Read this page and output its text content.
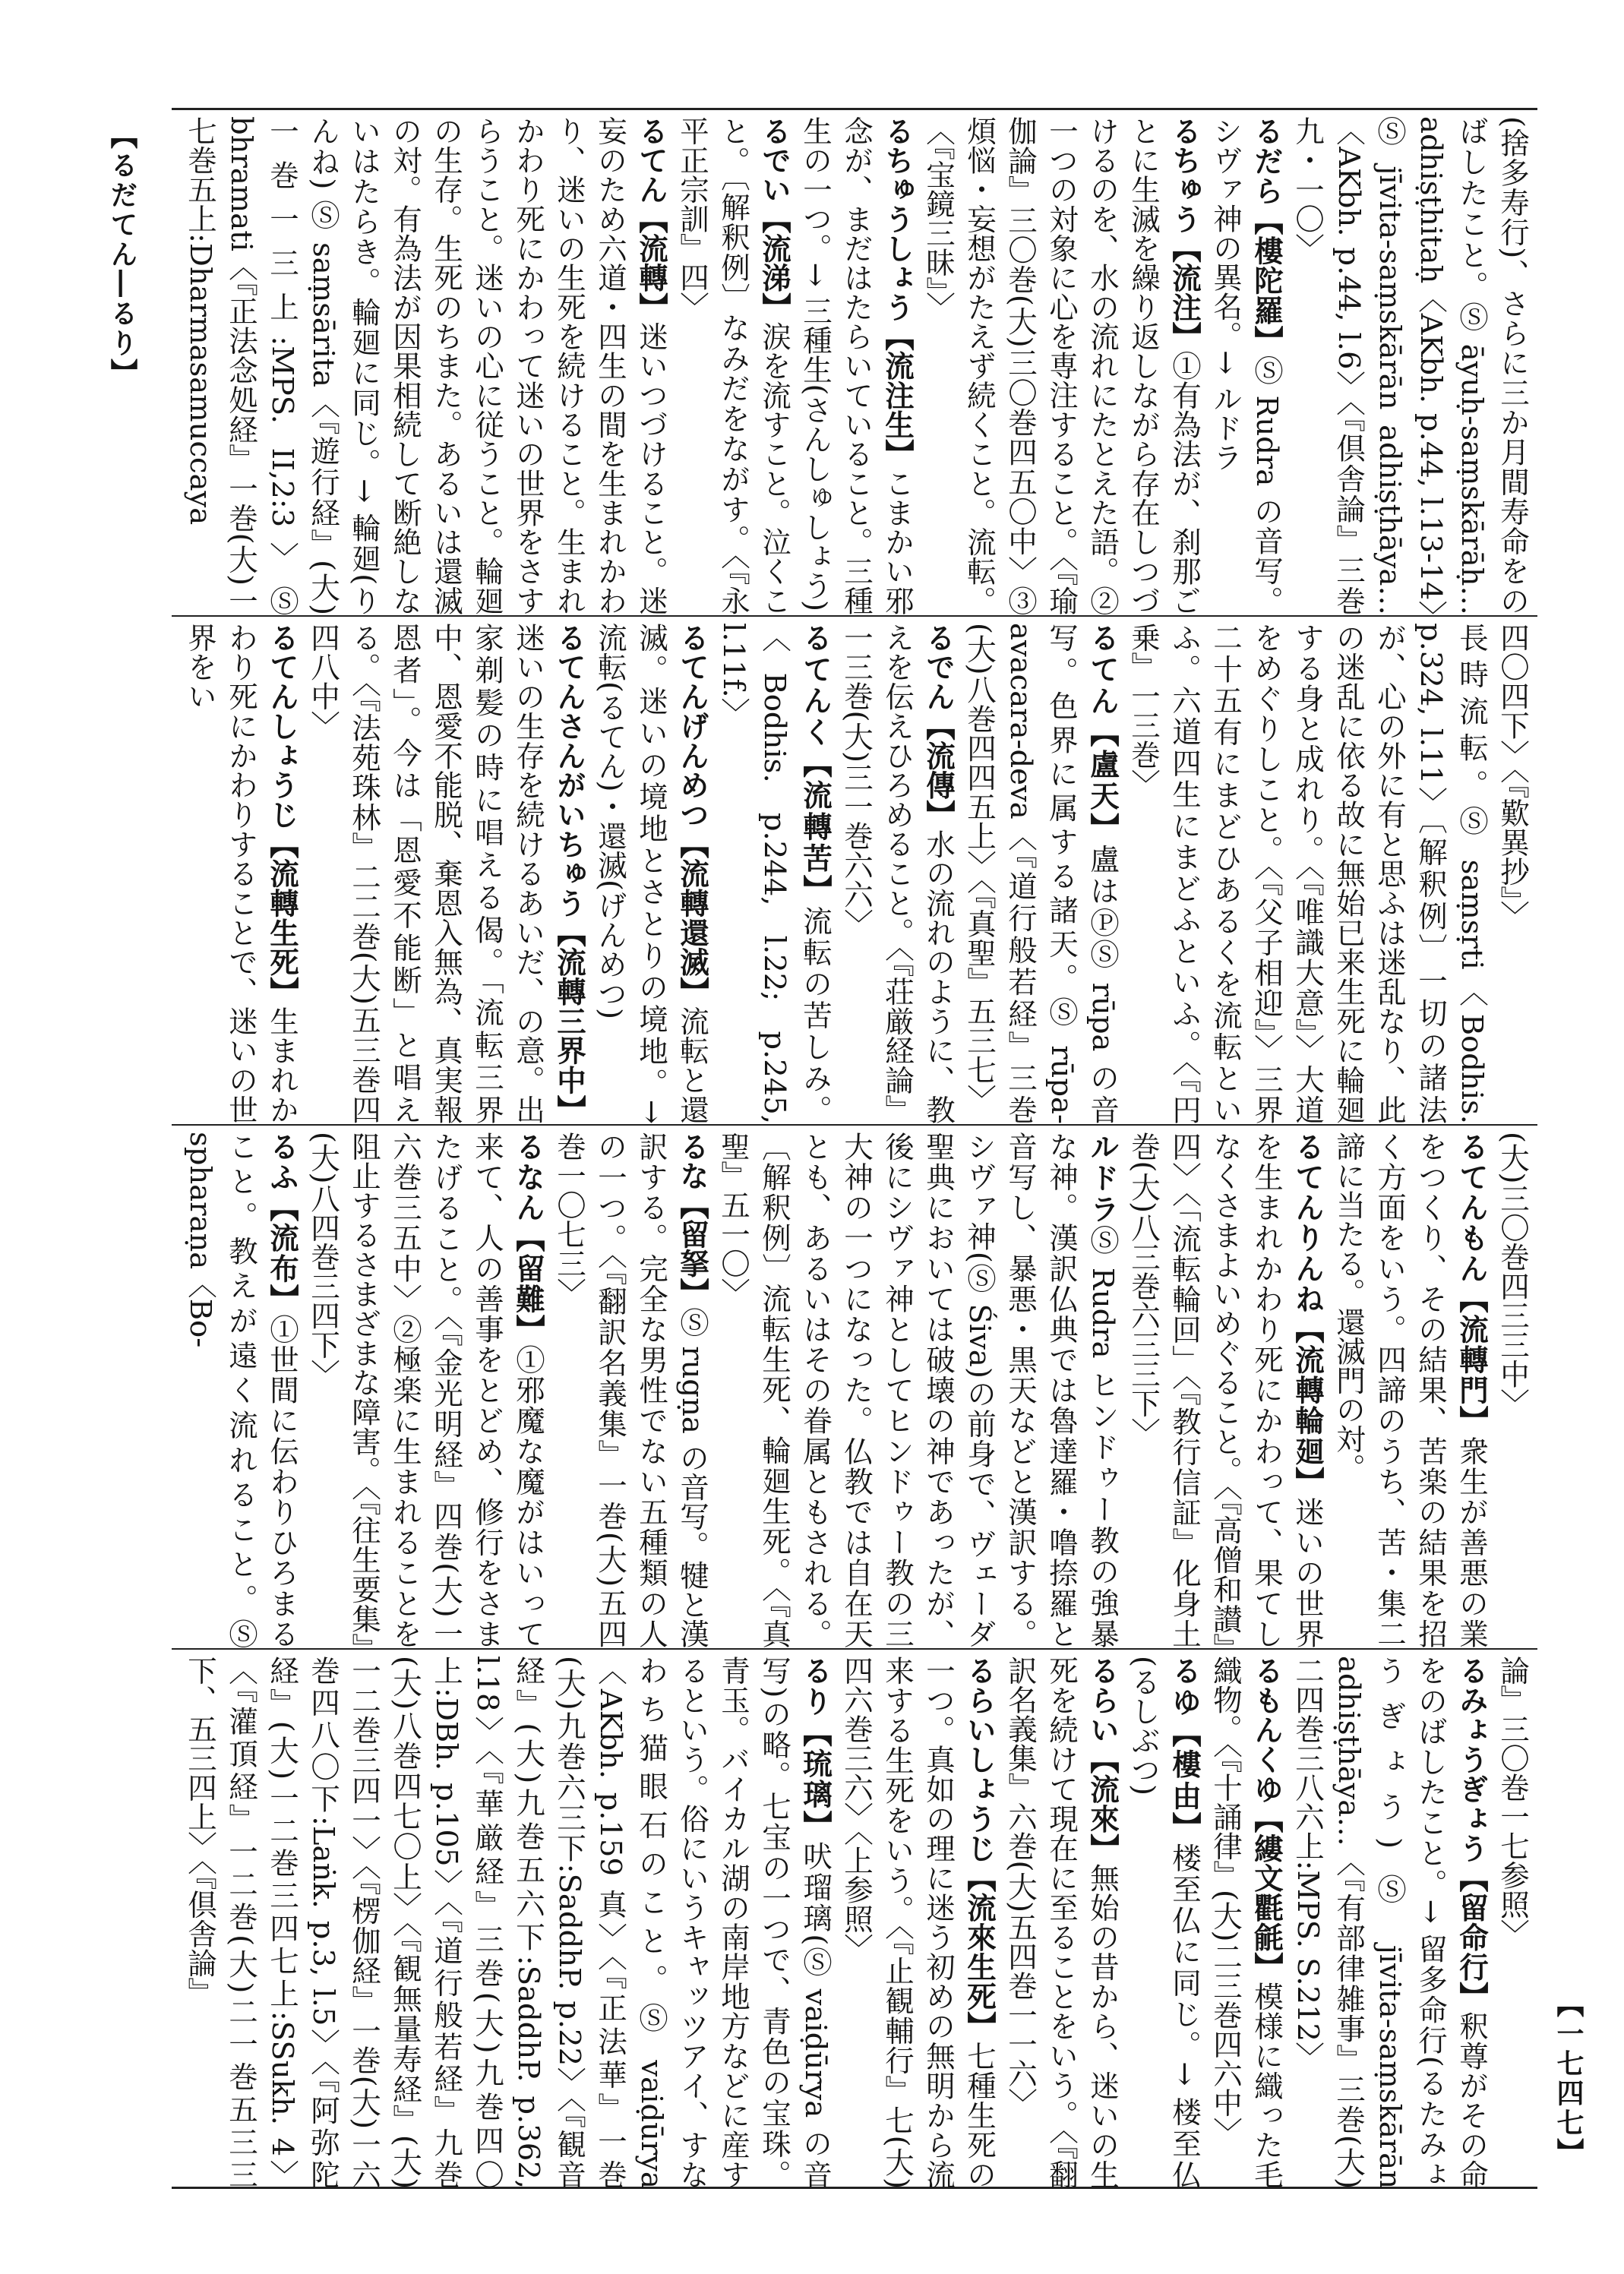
【るだてん―るり】
【一七四七】
(捨多寿行)、さらに三か月間寿命をのばしたこと。Ⓢ āyuḥ-saṃskārāḥ…adhiṣṭhitaḥ〈AKbh. p.44, l.13-14〉Ⓢ jīvita-saṃskārān adhiṣṭhāya…〈AKbh. p.44, l.6〉〈『倶舎論』三巻九・一〇〉
るだら【樓陀羅】Ⓢ Rudra の音写。シヴァ神の異名。→ ルドラ
るちゅう【流注】①有為法が、刹那ごとに生滅を繰り返しながら存在しつづけるのを、水の流れにたとえた語。②一つの対象に心を専注すること。〈『瑜伽論』三〇巻(大)三〇巻四五〇中〉③煩悩・妄想がたえず続くこと。流転。〈『宝鏡三昧』〉
るちゅうしょう【流注生】こまかい邪念が、まだはたらいていること。三種生の一つ。→ 三種生(さんしゅしょう)
るでい【流涕】涙を流すこと。泣くこと。〔解釈例〕なみだをながす。〈『永平正宗訓』四〉
るてん【流轉】迷いつづけること。迷妄のため六道・四生の間を生まれかわり、迷いの生死を続けること。生まれかわり死にかわって迷いの世界をさすらうこと。迷いの心に従うこと。輪廻の生存。生死のちまた。あるいは還滅の対。有為法が因果相続して断絶しないはたらき。輪廻に同じ。→ 輪廻(りんね) Ⓢ saṃsārita〈『遊行経』(大)一巻一三上:MPS. II,2:3〉Ⓢ bhramati〈『正法念処経』一巻(大)一七巻五上:Dharmasamuccaya
四〇四下〉〈『歎異抄』〉
長時流転。Ⓢ saṃsṛti〈Bodhis. p.324, l.11〉〔解釈例〕一切の諸法が、心の外に有と思ふは迷乱なり、此の迷乱に依る故に無始已来生死に輪廻する身と成れり。〈『唯識大意』〉大道をめぐりしこと。〈『父子相迎』〉三界二十五有にまどひあるくを流転といふ。六道四生にまどふといふ。〈『円乗』一三巻〉
るてん【盧天】盧はⓅⓈ rūpa の音写。色界に属する諸天。Ⓢ rūpa-avacara-deva〈『道行般若経』三巻(大)八巻四四五上〉〈『真聖』五三七〉
るでん【流傳】水の流れのように、教えを伝えひろめること。〈『荘厳経論』一三巻(大)三一巻六六〉
るてんく【流轉苦】流転の苦しみ。〈Bodhis. p.244, l.22; p.245, l.11f.〉
るてんげんめつ【流轉還滅】流転と還滅。迷いの境地とさとりの境地。→ 流転(るてん)・還滅(げんめつ)
るてんさんがいちゅう【流轉三界中】迷いの生存を続けるあいだ、の意。出家剃髪の時に唱える偈。「流転三界中、恩愛不能脱、棄恩入無為、真実報恩者」。今は「恩愛不能断」と唱える。〈『法苑珠林』二二巻(大)五三巻四四八中〉
るてんしょうじ【流轉生死】生まれかわり死にかわりすることで、迷いの世界をい
(大)三〇巻四三三中〉
るてんもん【流轉門】衆生が善悪の業をつくり、その結果、苦楽の結果を招く方面をいう。四諦のうち、苦・集二諦に当たる。還滅門の対。
るてんりんね【流轉輪廻】迷いの世界を生まれかわり死にかわって、果てしなくさまよいめぐること。〈『高僧和讃』四〉〈「流転輪回」〈『教行信証』化身土巻(大)八三巻六三三下〉
ルドラⓈ Rudra ヒンドゥー教の強暴な神。漢訳仏典では魯達羅・噜捺羅と音写し、暴悪・黒天などと漢訳する。シヴァ神(Ⓢ Śiva)の前身で、ヴェーダ聖典においては破壊の神であったが、後にシヴァ神としてヒンドゥー教の三大神の一つになった。仏教では自在天とも、あるいはその眷属ともされる。〔解釈例〕流転生死、輪廻生死。〈『真聖』五一〇〉
るな【留拏】Ⓢ rugṇa の音写。犍と漢訳する。完全な男性でない五種類の人の一つ。〈『翻訳名義集』一巻(大)五四巻一〇七三〉
るなん【留難】①邪魔な魔がはいって来て、人の善事をとどめ、修行をさまたげること。〈『金光明経』四巻(大)一六巻三五中〉②極楽に生まれることを阻止するさまざまな障害。〈『往生要集』(大)八四巻三四下〉
るふ【流布】①世間に伝わりひろまること。教えが遠く流れること。Ⓢ spharaṇa〈Bo-
論』三〇巻一七参照〉
るみょうぎょう【留命行】釈尊がその命をのばしたこと。→ 留多命行(るたみょうぎょう) Ⓢ jīvita-saṃskārān adhiṣṭhāya…〈『有部律雑事』三巻(大)二四巻三八六上:MPS. S.212〉
るもんくゆ【縷文氍毹】模様に織った毛織物。〈『十誦律』(大)二三巻四六中〉
るゆ【樓由】楼至仏に同じ。→ 楼至仏(るしぶつ)
るらい【流來】無始の昔から、迷いの生死を続けて現在に至ることをいう。〈『翻訳名義集』六巻(大)五四巻一一六〉
るらいしょうじ【流來生死】七種生死の一つ。真如の理に迷う初めの無明から流来する生死をいう。〈『止観輔行』七(大)四六巻三六〉〈上参照〉
るり【琉璃】吠瑠璃(Ⓢ vaiḍūrya の音写)の略。七宝の一つで、青色の宝珠。青玉。バイカル湖の南岸地方などに産するという。俗にいうキャッツアイ、すなわち猫眼石のこと。Ⓢ vaiḍūrya〈AKbh. p.159 真〉〈『正法華』一巻(大)九巻六三下:SaddhP. p.22〉〈『観音経』(大)九巻五六下:SaddhP. p.362, l.18〉〈『華厳経』三巻(大)九巻四〇上:DBh. p.105〉〈『道行般若経』九巻(大)八巻四七〇上〉〈『観無量寿経』(大)一二巻三四一〉〈『楞伽経』一巻(大)一六巻四八〇下:Laṅk. p.3, l.5〉〈『阿弥陀経』(大)一二巻三四七上:SSukh. 4〉〈『灌頂経』一二巻(大)二一巻五三三下、五三四上〉〈『倶舎論』
